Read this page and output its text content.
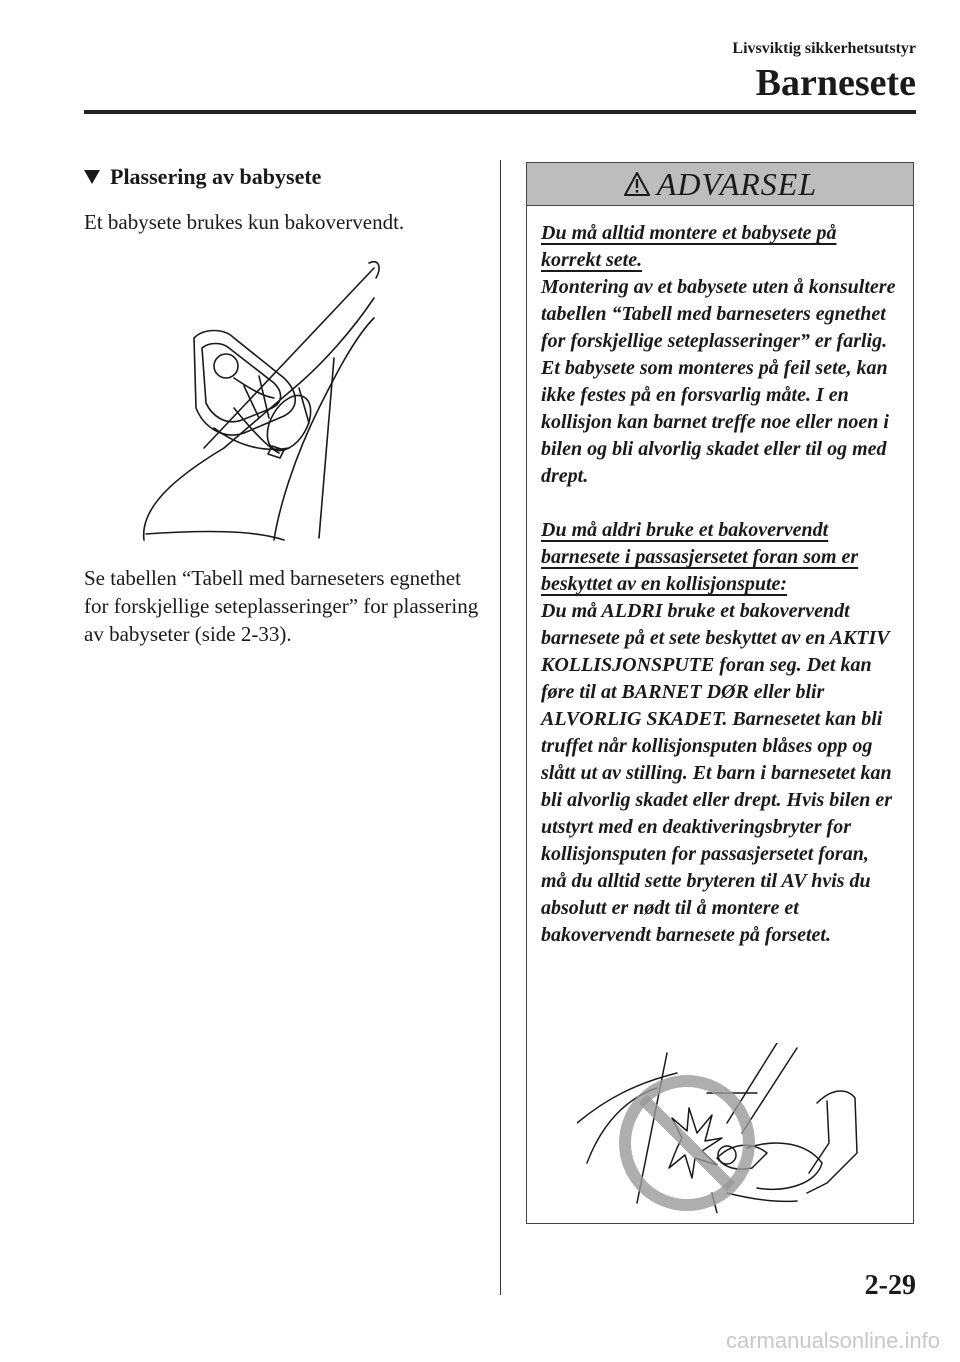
Livsviktig sikkerhetsutstyr
Barnesete
Plassering av babysete

Et babysete brukes kun bakovervendt.

Se tabellen “Tabell med barneseters egnethet for forskjellige seteplasseringer” for plassering av babyseter (side 2-33).

ADVARSEL

Du må alltid montere et babysete på korrekt sete.

Montering av et babysete uten å konsultere tabellen “Tabell med barneseters egnethet for forskjellige seteplasseringer” er farlig. Et babysete som monteres på feil sete, kan ikke festes på en forsvarlig måte. I en kollisjon kan barnet treffe noe eller noen i bilen og bli alvorlig skadet eller til og med drept.

Du må aldri bruke et bakovervendt barnesete i passasjersetet foran som er beskyttet av en kollisjonspute:

Du må ALDRI bruke et bakovervendt barnesete på et sete beskyttet av en AKTIV KOLLISJONSPUTE foran seg. Det kan føre til at BARNET DØR eller blir ALVORLIG SKADET. Barnesetet kan bli truffet når kollisjonsputen blåses opp og slått ut av stilling. Et barn i barnesetet kan bli alvorlig skadet eller drept. Hvis bilen er utstyrt med en deaktiveringsbryter for kollisjonsputen for passasjersetet foran, må du alltid sette bryteren til AV hvis du absolutt er nødt til å montere et bakovervendt barnesete på forsetet.

2-29
carmanualsonline.info
